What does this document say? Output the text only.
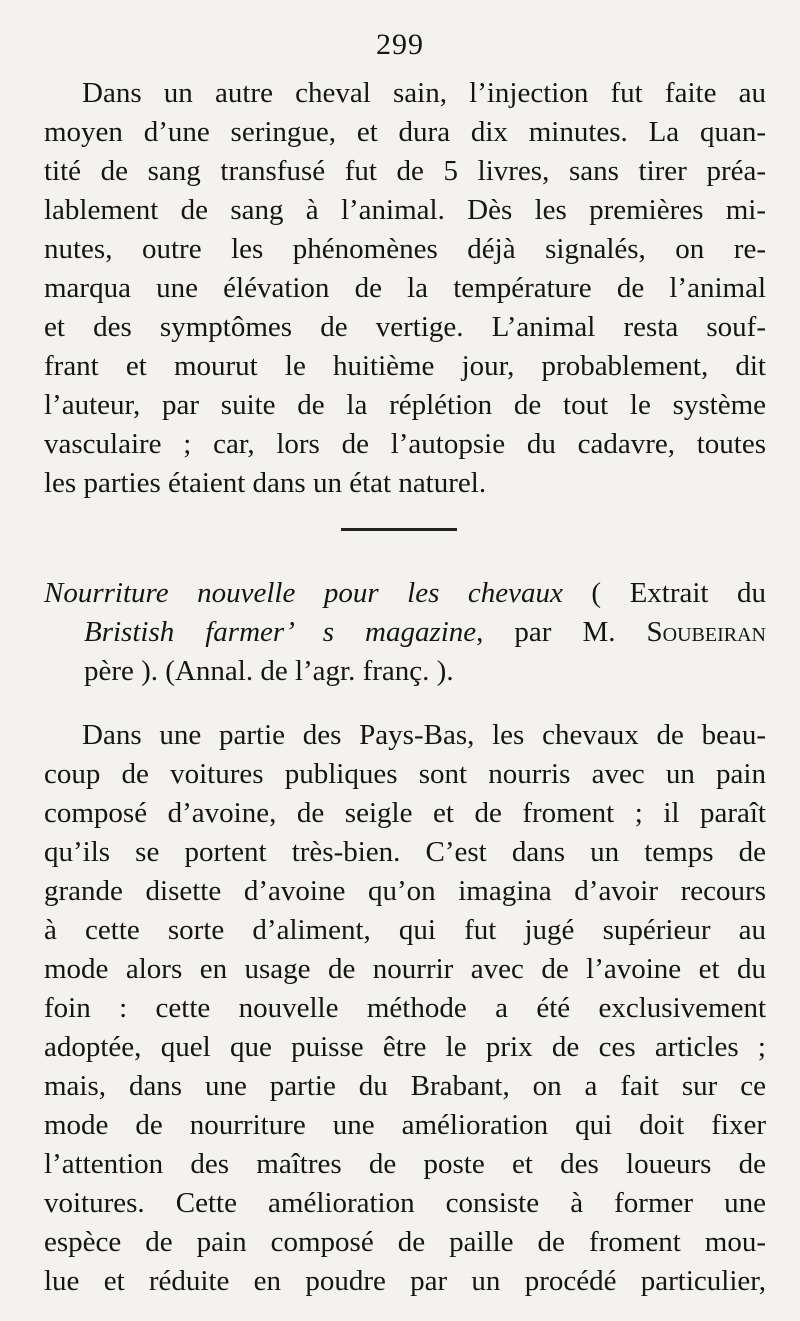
299
Dans un autre cheval sain, l’injection fut faite au
moyen d’une seringue, et dura dix minutes. La quan-
tité de sang transfusé fut de 5 livres, sans tirer préa-
lablement de sang à l’animal. Dès les premières mi-
nutes, outre les phénomènes déjà signalés, on re-
marqua une élévation de la température de l’animal
et des symptômes de vertige. L’animal resta souf-
frant et mourut le huitième jour, probablement, dit
l’auteur, par suite de la réplétion de tout le système
vasculaire ; car, lors de l’autopsie du cadavre, toutes
les parties étaient dans un état naturel.
Nourriture nouvelle pour les chevaux ( Extrait du
Bristish farmer’ s magazine, par M. Soubeiran
père ). (Annal. de l’agr. franç. ).
Dans une partie des Pays-Bas, les chevaux de beau-
coup de voitures publiques sont nourris avec un pain
composé d’avoine, de seigle et de froment ; il paraît
qu’ils se portent très-bien. C’est dans un temps de
grande disette d’avoine qu’on imagina d’avoir recours
à cette sorte d’aliment, qui fut jugé supérieur au
mode alors en usage de nourrir avec de l’avoine et du
foin : cette nouvelle méthode a été exclusivement
adoptée, quel que puisse être le prix de ces articles ;
mais, dans une partie du Brabant, on a fait sur ce
mode de nourriture une amélioration qui doit fixer
l’attention des maîtres de poste et des loueurs de
voitures. Cette amélioration consiste à former une
espèce de pain composé de paille de froment mou-
lue et réduite en poudre par un procédé particulier,
